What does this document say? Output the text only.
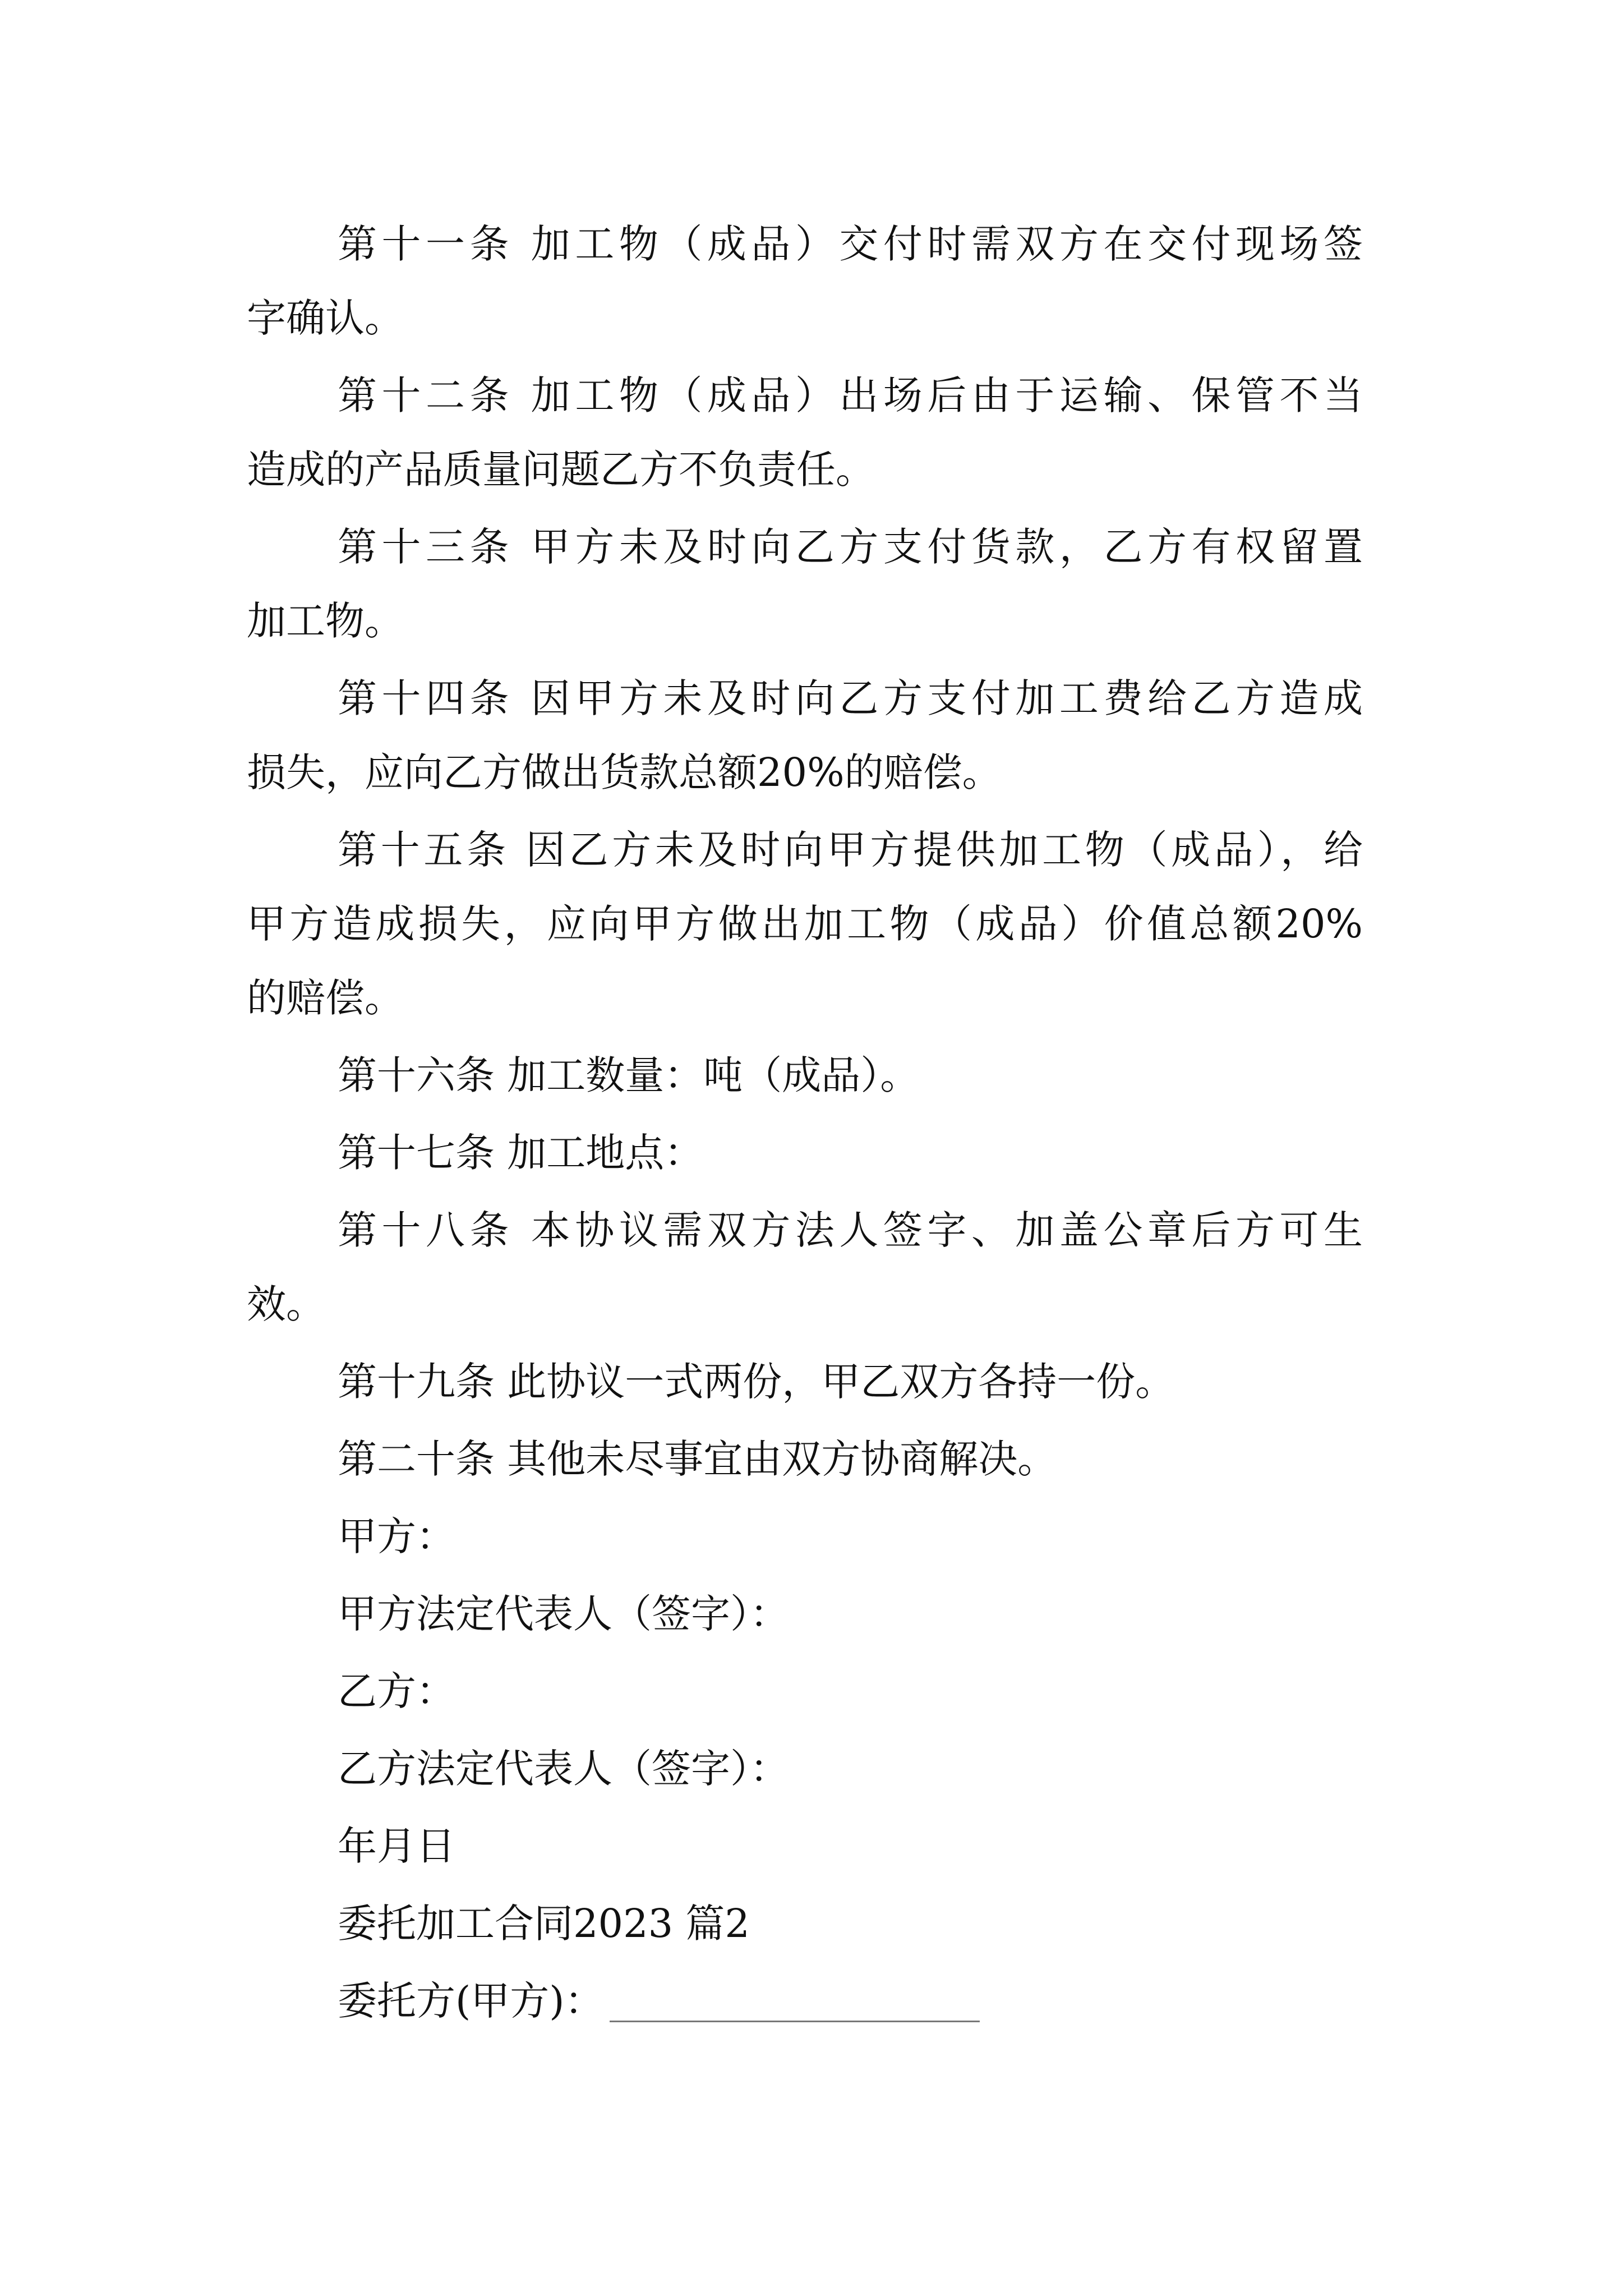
第十一条 加工物（成品）交付时需双方在交付现场签
字确认。
第十二条 加工物（成品）出场后由于运输、保管不当
造成的产品质量问题乙方不负责任。
第十三条 甲方未及时向乙方支付货款，乙方有权留置
加工物。
第十四条 因甲方未及时向乙方支付加工费给乙方造成
损失，应向乙方做出货款总额20%的赔偿。
第十五条 因乙方未及时向甲方提供加工物（成品），给
甲方造成损失，应向甲方做出加工物（成品）价值总额20%
的赔偿。
第十六条 加工数量：吨（成品）。
第十七条 加工地点：
第十八条 本协议需双方法人签字、加盖公章后方可生
效。
第十九条 此协议一式两份，甲乙双方各持一份。
第二十条 其他未尽事宜由双方协商解决。
甲方：
甲方法定代表人（签字）：
乙方：
乙方法定代表人（签字）：
年月日
委托加工合同2023 篇2
委托方(甲方)：
